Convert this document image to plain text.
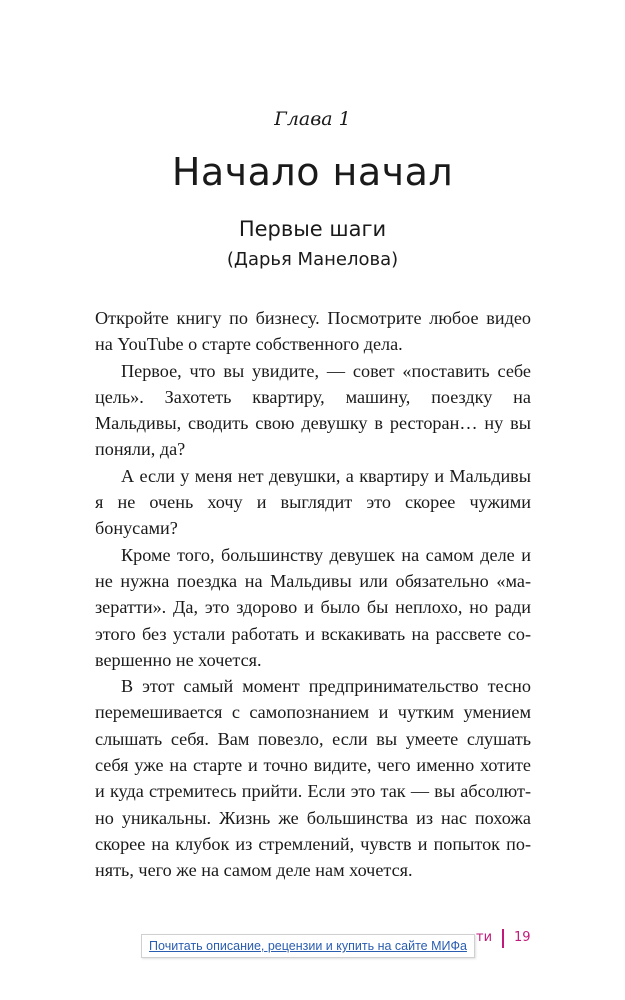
Глава 1
Начало начал
Первые шаги
(Дарья Манелова)

Откройте книгу по бизнесу. Посмотрите любое видео на YouTube о старте собственного дела.

Первое, что вы увидите, — совет «поставить себе цель». Захотеть квартиру, машину, поездку на Мальдивы, сводить свою девушку в ресторан… ну вы поняли, да?

А если у меня нет девушки, а квартиру и Мальдивы я не очень хочу и выглядит это скорее чужими бонусами?

Кроме того, большинству девушек на самом деле и не нужна поездка на Мальдивы или обязательно «мазератти». Да, это здорово и было бы неплохо, но ради этого без устали работать и вскакивать на рассвете совершенно не хочется.

В этот самый момент предпринимательство тесно перемешивается с самопознанием и чутким умением слышать себя. Вам повезло, если вы умеете слушать себя уже на старте и точно видите, чего именно хотите и куда стремитесь прийти. Если это так — вы абсолютно уникальны. Жизнь же большинства из нас похожа скорее на клубок из стремлений, чувств и попыток понять, чего же на самом деле нам хочется.

ти 19
Почитать описание, рецензии и купить на сайте МИФа
